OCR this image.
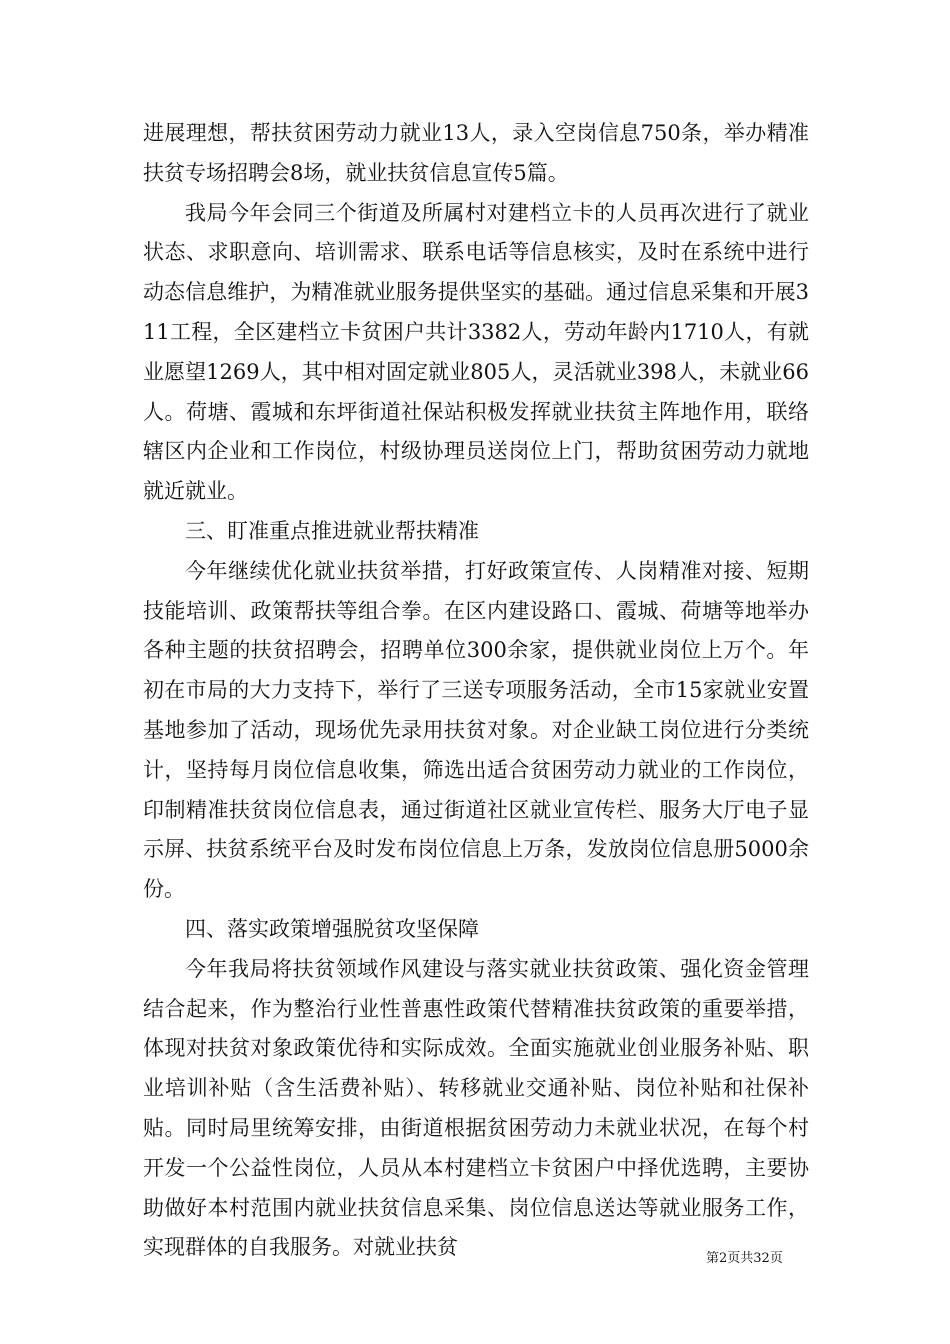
进展理想，帮扶贫困劳动力就业13人，录入空岗信息750条，举办精准扶贫专场招聘会8场，就业扶贫信息宣传5篇。

我局今年会同三个街道及所属村对建档立卡的人员再次进行了就业状态、求职意向、培训需求、联系电话等信息核实，及时在系统中进行动态信息维护，为精准就业服务提供坚实的基础。通过信息采集和开展311工程，全区建档立卡贫困户共计3382人，劳动年龄内1710人，有就业愿望1269人，其中相对固定就业805人，灵活就业398人，未就业66人。荷塘、霞城和东坪街道社保站积极发挥就业扶贫主阵地作用，联络辖区内企业和工作岗位，村级协理员送岗位上门，帮助贫困劳动力就地就近就业。

三、盯准重点推进就业帮扶精准

今年继续优化就业扶贫举措，打好政策宣传、人岗精准对接、短期技能培训、政策帮扶等组合拳。在区内建设路口、霞城、荷塘等地举办各种主题的扶贫招聘会，招聘单位300余家，提供就业岗位上万个。年初在市局的大力支持下，举行了三送专项服务活动，全市15家就业安置基地参加了活动，现场优先录用扶贫对象。对企业缺工岗位进行分类统计，坚持每月岗位信息收集，筛选出适合贫困劳动力就业的工作岗位，印制精准扶贫岗位信息表，通过街道社区就业宣传栏、服务大厅电子显示屏、扶贫系统平台及时发布岗位信息上万条，发放岗位信息册5000余份。

四、落实政策增强脱贫攻坚保障

今年我局将扶贫领域作风建设与落实就业扶贫政策、强化资金管理结合起来，作为整治行业性普惠性政策代替精准扶贫政策的重要举措，体现对扶贫对象政策优待和实际成效。全面实施就业创业服务补贴、职业培训补贴（含生活费补贴）、转移就业交通补贴、岗位补贴和社保补贴。同时局里统筹安排，由街道根据贫困劳动力未就业状况，在每个村开发一个公益性岗位，人员从本村建档立卡贫困户中择优选聘，主要协助做好本村范围内就业扶贫信息采集、岗位信息送达等就业服务工作，实现群体的自我服务。对就业扶贫	第2页共32页
